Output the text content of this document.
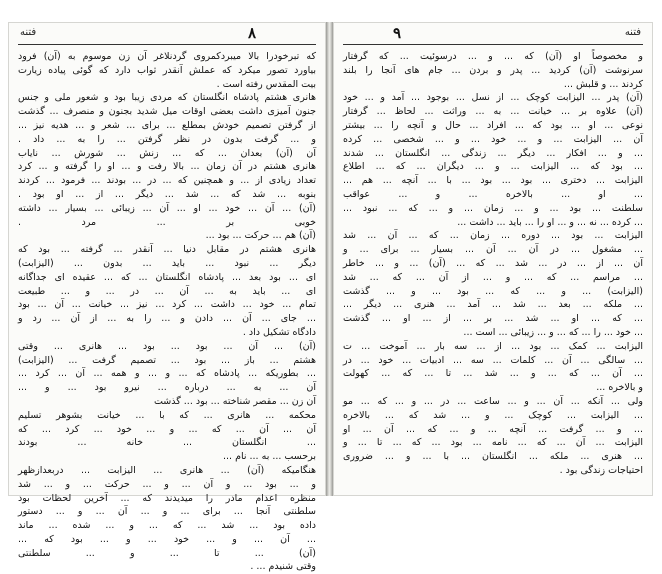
۸
فتنه
که تبرخودرا بالا میبردکمروی گردنلاغر آن زن موسوم به (آن) فرود
بیاورد تصور میکرد که عملش آنقدر ثواب دارد که گوئی پیاده زیارت
بیت المقدس رفته است .
هانری هشتم پادشاه انگلستان که مردی زیبا بود و شعور ملی و جنس
جنون آمیزی داشت بعضی اوقات میل شدید بجنون و منصرف ... گذشت
از گرفتن تصمیم خودش بمطلع ... برای ... شعر و ... هدیه نیز ...
و ... گرفت بدون در نظر گرفتن ... را به ... داد .
آن (آن) بعدان ... که ... زنش ... شورش ... نایاب
هانری هشتم در آن زمان ... بالا رفت و ... او را گرفته و ... کرد
تعداد زیادی از ... و همچنین که ... در ... بودند ... فرمود ... کردند
بنوبه ... شد که ... شد ... دیگر ... از ... او بود .
(آن) ... آن ... خود ... او ... آن ... زیبائی ... بسیار ... داشته
خوبی بر ... مرد .
(آن) هم ... حرکت ... بود ...
هانری هشتم در مقابل دنیا ... آنقدر ... گرفته ... بود که
دیگر ... نبود ... باید ... بدون ... (الیزابت)
ای ... بود بعد ... پادشاه انگلستان ... که ... عقیده ای جداگانه
ای ... باید به ... آن ... در ... و ... طبیعت
تمام ... خود ... داشت ... کرد ... نیز ... خیانت ... آن ... بود
... جای ... آن ... دادن و ... را به ... از آن ... رد و
دادگاه تشکیل داد .
(آن) ... آن ... بود ... بود ... هانری ... وقتی
هشتم ... باز ... بود ... تصمیم گرفت ... (الیزابت)
... بطوریکه ... پادشاه که ... و ... و همه ... آن ... کرد ...
آن ... به ... درباره ... نیرو بود ... و ...
آن زن ... مقصر شناخته ... بود ... گذشت
محکمه ... هانری ... که با ... خیانت بشوهر تسلیم
آن ... آن ... که ... و ... خود ... کرد ... که
... انگلستان ... خانه ... بودند
برحسب ... به ... نام ...
هنگامیکه (آن) ... هانری ... الیزابت ... دربعدازظهر
و ... بود ... و آن ... و ... حرکت ... و ... شد
منظره اعدام مادر را میدیدند که ... آخرین لحظات بود
سلطنتی آنجا ... برای ... و ... آن ... و ... دستور
داده بود ... شد ... که ... و ... شده ... ماند
... آن ... و ... خود ... و ... بود که ...
(آن) ... تا ... و ... سلطنتی
وقتی شنیدم ... .
۹	فتنه
و مخصوصاً او (آن) که ... و ... درسوئیت ... که گرفتار
سرنوشت (آن) کردید ... پدر و بردن ... جام های آنجا را بلند
کردند ... و قلبش ...
(آن) پدر ... الیزابت کوچک ... از نسل ... بوجود ... آمد و ... خود
(آن) علاوه بر ... خیانت ... به ... وراثت ... لحاظ ... گرفتار
نوعی ... او ... بود که ... افراد ... حال و آنچه را ... بیشتر
آن ... الیزابت ... و ... خود ... و ... شخصی ... کرده
... و ... افکار ... دیگر ... زندگی ... انگلستان ... شدند
... بود که ... الیزابت ... و ... دیگران ... که ... اطلاع
الیزابت ... دختری ... بود ... بود ... با ... آنچه ... هم ...
... او ... بالاخره ... و ... عواقب
سلطنت ... بود ... و ... زمان ... و ... که ... نبود ...
... کرده ... نه ... و ... او را ... باید ... داشت ...
الیزابت ... بود ... دوره ... زمان ... که ... آن ... شد
... مشغول ... در آن ... آن ... بسیار ... برای ... و
آن ... از ... در ... شد ... که ... (آن) ... و ... خاطر
... مراسم ... که ... و ... از آن ... که ... شد
(الیزابت) ... و ... که ... بود ... و ... گذشت
... ملکه ... بعد ... شد ... آمد ... هنری ... دیگر ...
... که ... او ... شد ... بر ... از ... او ... گذشت
... خود ... را ... که ... و ... زیبائی ... است ...
الیزابت ... کمک ... بود ... از ... سه بار ... آموخت ... ت
... سالگی ... آن ... کلمات ... سه ... ادبیات ... خود ... در
... آن ... که ... و ... شد ... تا ... که ... کهولت
و بالاخره ...
ولی ... آنکه ... آن ... و ... ساعت ... در ... و ... که ... مو
... الیزابت ... کوچک ... و ... شد که ... بالاخره
... و ... گرفت ... آنچه ... و ... که ... آن ... او
الیزابت ... آن ... که ... نامه ... بود ... که ... تا ... و
... هنری ... ملکه ... انگلستان ... با ... و ... ضروری
احتیاجات زندگی بود .
